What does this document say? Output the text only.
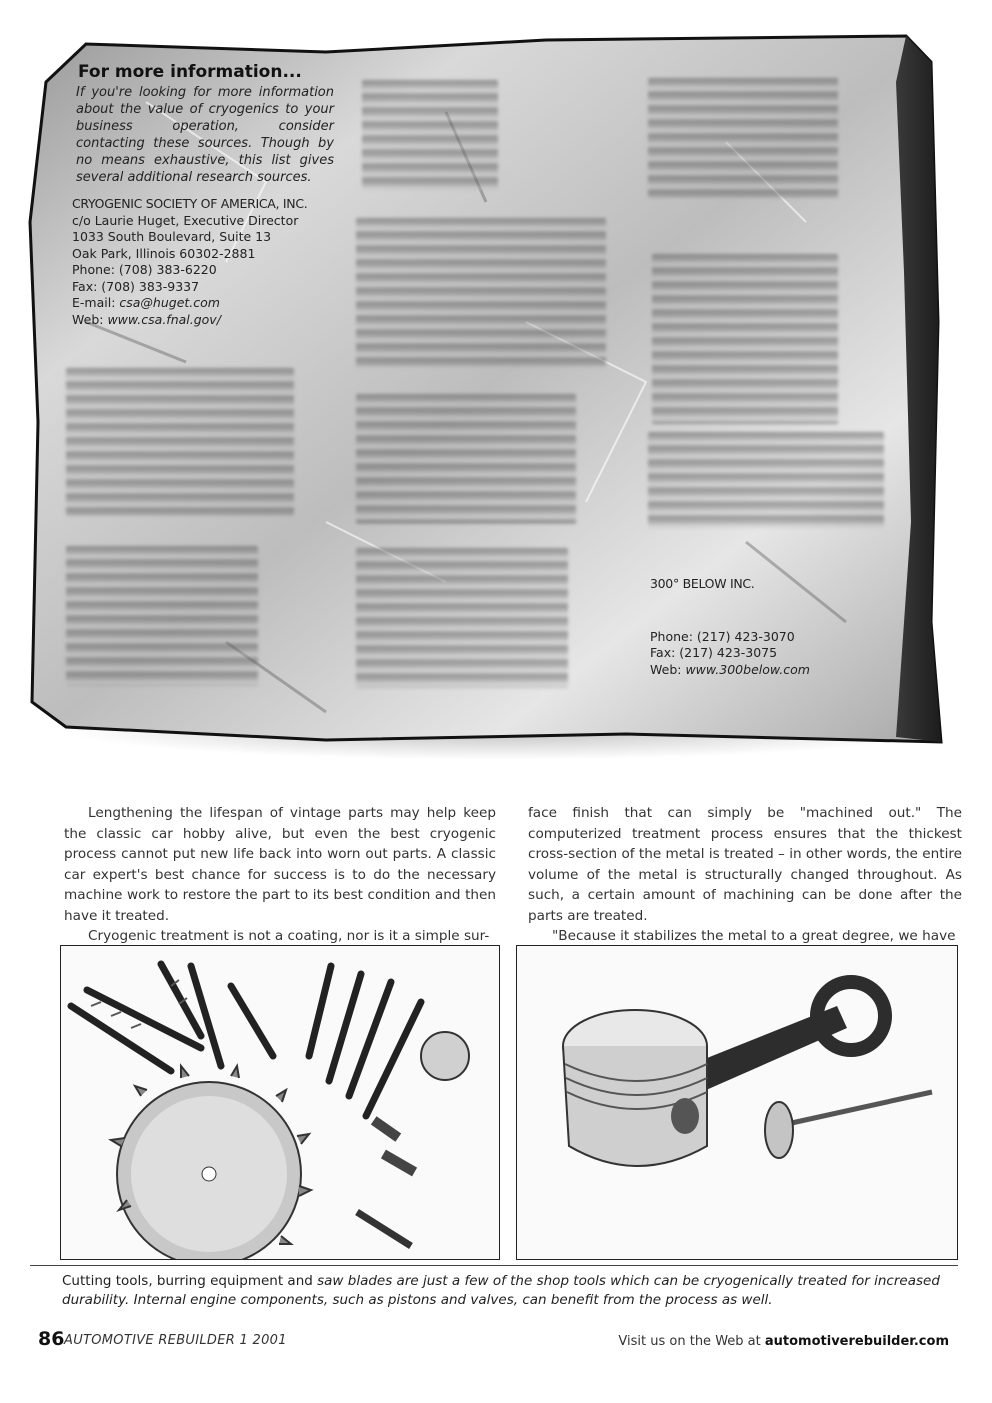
For more information...
If you're looking for more information about the value of cryogenics to your business operation, consider contacting these sources. Though by no means exhaustive, this list gives several additional research sources.
CRYOGENIC SOCIETY OF AMERICA, INC.
c/o Laurie Huget, Executive Director
1033 South Boulevard, Suite 13
Oak Park, Illinois 60302-2881
Phone: (708) 383-6220
Fax: (708) 383-9337
E-mail: csa@huget.com
Web: www.csa.fnal.gov/
300° BELOW INC.
Phone: (217) 423-3070
Fax: (217) 423-3075
Web: www.300below.com

Lengthening the lifespan of vintage parts may help keep the classic car hobby alive, but even the best cryogenic process cannot put new life back into worn out parts. A classic car expert's best chance for success is to do the necessary machine work to restore the part to its best condition and then have it treated.

Cryogenic treatment is not a coating, nor is it a simple sur-

face finish that can simply be "machined out." The computerized treatment process ensures that the thickest cross-section of the metal is treated – in other words, the entire volume of the metal is structurally changed throughout. As such, a certain amount of machining can be done after the parts are treated.

"Because it stabilizes the metal to a great degree, we have

Cutting tools, burring equipment and saw blades are just a few of the shop tools which can be cryogenically treated for increased durability. Internal engine components, such as pistons and valves, can benefit from the process as well.
86 AUTOMOTIVE REBUILDER 1 2001	Visit us on the Web at automotiverebuilder.com
